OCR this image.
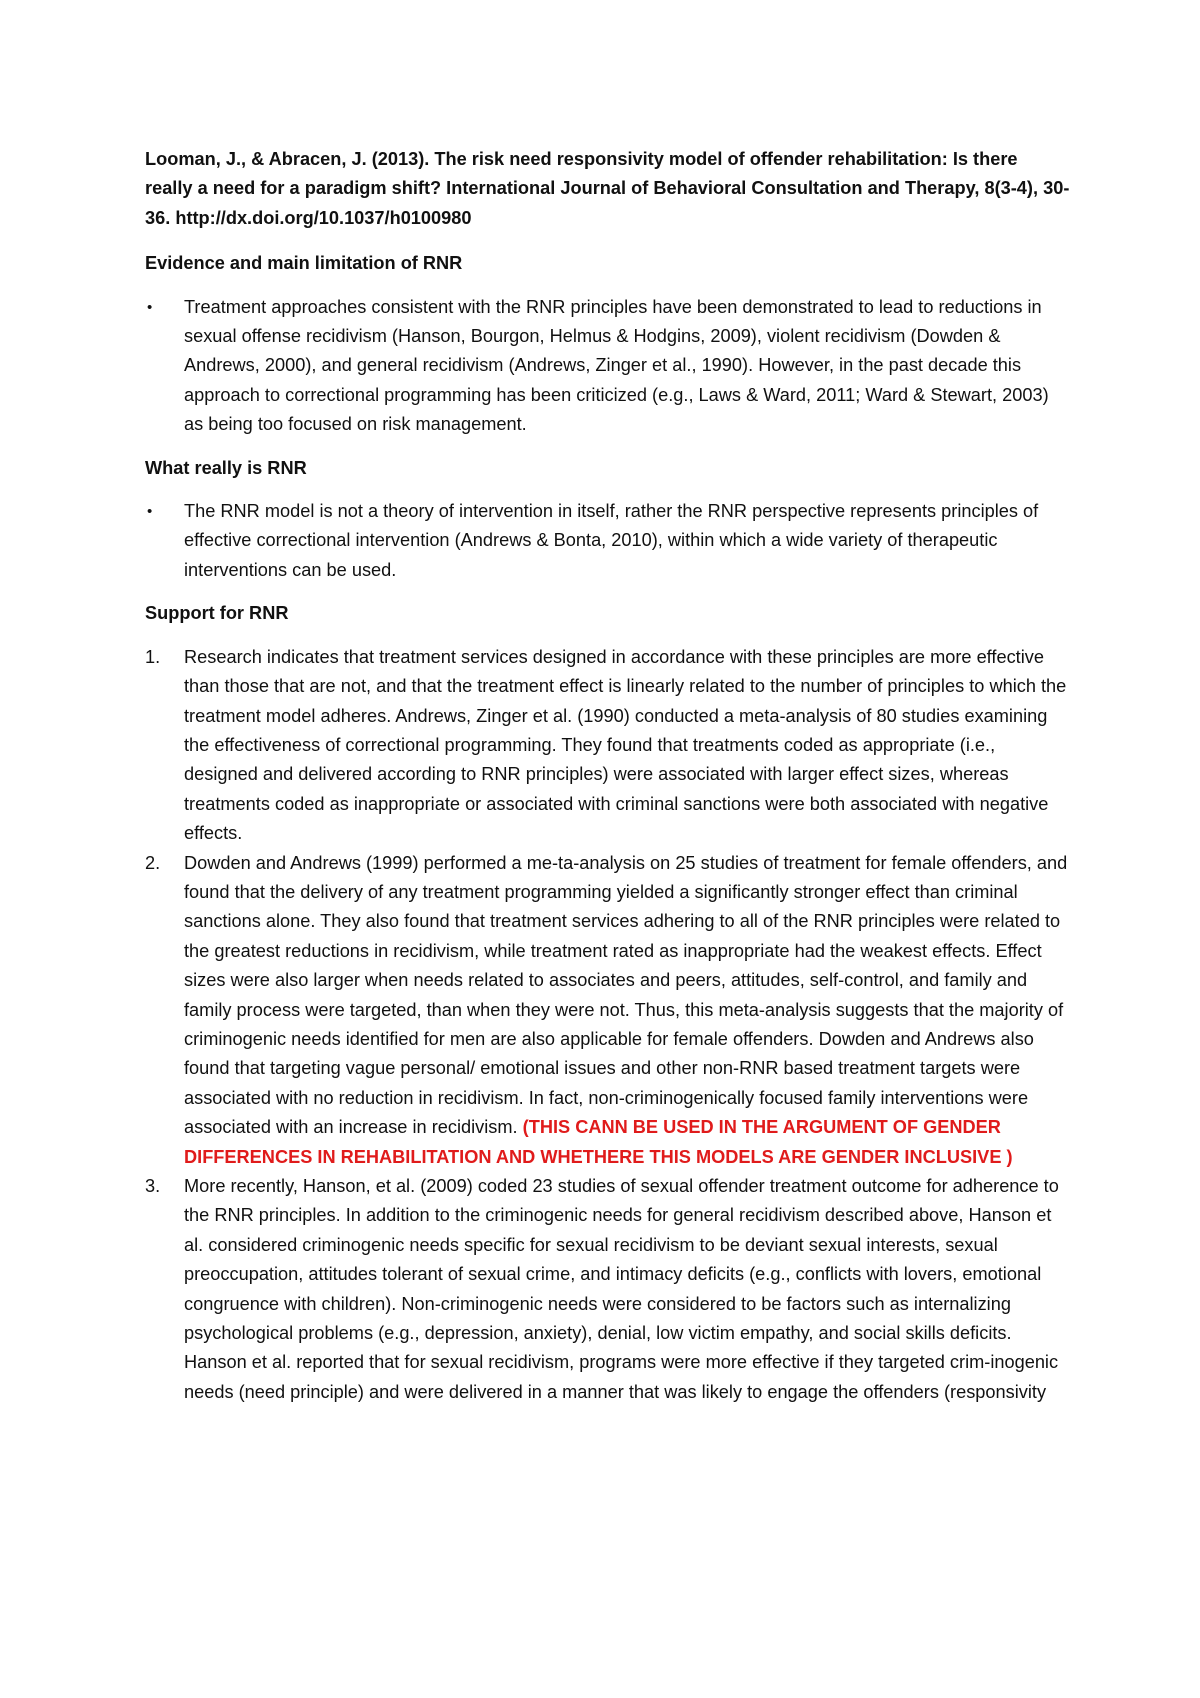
Looman, J., & Abracen, J. (2013). The risk need responsivity model of offender rehabilitation: Is there really a need for a paradigm shift? International Journal of Behavioral Consultation and Therapy, 8(3-4), 30-36. http://dx.doi.org/10.1037/h0100980

Evidence and main limitation of RNR

• Treatment approaches consistent with the RNR principles have been demonstrated to lead to reductions in sexual offense recidivism (Hanson, Bourgon, Helmus & Hodgins, 2009), violent recidivism (Dowden & Andrews, 2000), and general recidivism (Andrews, Zinger et al., 1990). However, in the past decade this approach to correctional programming has been criticized (e.g., Laws & Ward, 2011; Ward & Stewart, 2003) as being too focused on risk management.

What really is RNR

• The RNR model is not a theory of intervention in itself, rather the RNR perspective represents principles of effective correctional intervention (Andrews & Bonta, 2010), within which a wide variety of therapeutic interventions can be used.

Support for RNR

1. Research indicates that treatment services designed in accordance with these principles are more effective than those that are not, and that the treatment effect is linearly related to the number of principles to which the treatment model adheres. Andrews, Zinger et al. (1990) conducted a meta-analysis of 80 studies examining the effectiveness of correctional programming. They found that treatments coded as appropriate (i.e., designed and delivered according to RNR principles) were associated with larger effect sizes, whereas treatments coded as inappropriate or associated with criminal sanctions were both associated with negative effects.
2. Dowden and Andrews (1999) performed a me-ta-analysis on 25 studies of treatment for female offenders, and found that the delivery of any treatment programming yielded a significantly stronger effect than criminal sanctions alone. They also found that treatment services adhering to all of the RNR principles were related to the greatest reductions in recidivism, while treatment rated as inappropriate had the weakest effects. Effect sizes were also larger when needs related to associates and peers, attitudes, self-control, and family and family process were targeted, than when they were not. Thus, this meta-analysis suggests that the majority of criminogenic needs identified for men are also applicable for female offenders. Dowden and Andrews also found that targeting vague personal/ emotional issues and other non-RNR based treatment targets were associated with no reduction in recidivism. In fact, non-criminogenically focused family interventions were associated with an increase in recidivism. (THIS CANN BE USED IN THE ARGUMENT OF GENDER DIFFERENCES IN REHABILITATION AND WHETHERE THIS MODELS ARE GENDER INCLUSIVE )
3. More recently, Hanson, et al. (2009) coded 23 studies of sexual offender treatment outcome for adherence to the RNR principles. In addition to the criminogenic needs for general recidivism described above, Hanson et al. considered criminogenic needs specific for sexual recidivism to be deviant sexual interests, sexual preoccupation, attitudes tolerant of sexual crime, and intimacy deficits (e.g., conflicts with lovers, emotional congruence with children). Non-criminogenic needs were considered to be factors such as internalizing psychological problems (e.g., depression, anxiety), denial, low victim empathy, and social skills deficits. Hanson et al. reported that for sexual recidivism, programs were more effective if they targeted crim-inogenic needs (need principle) and were delivered in a manner that was likely to engage the offenders (responsivity
